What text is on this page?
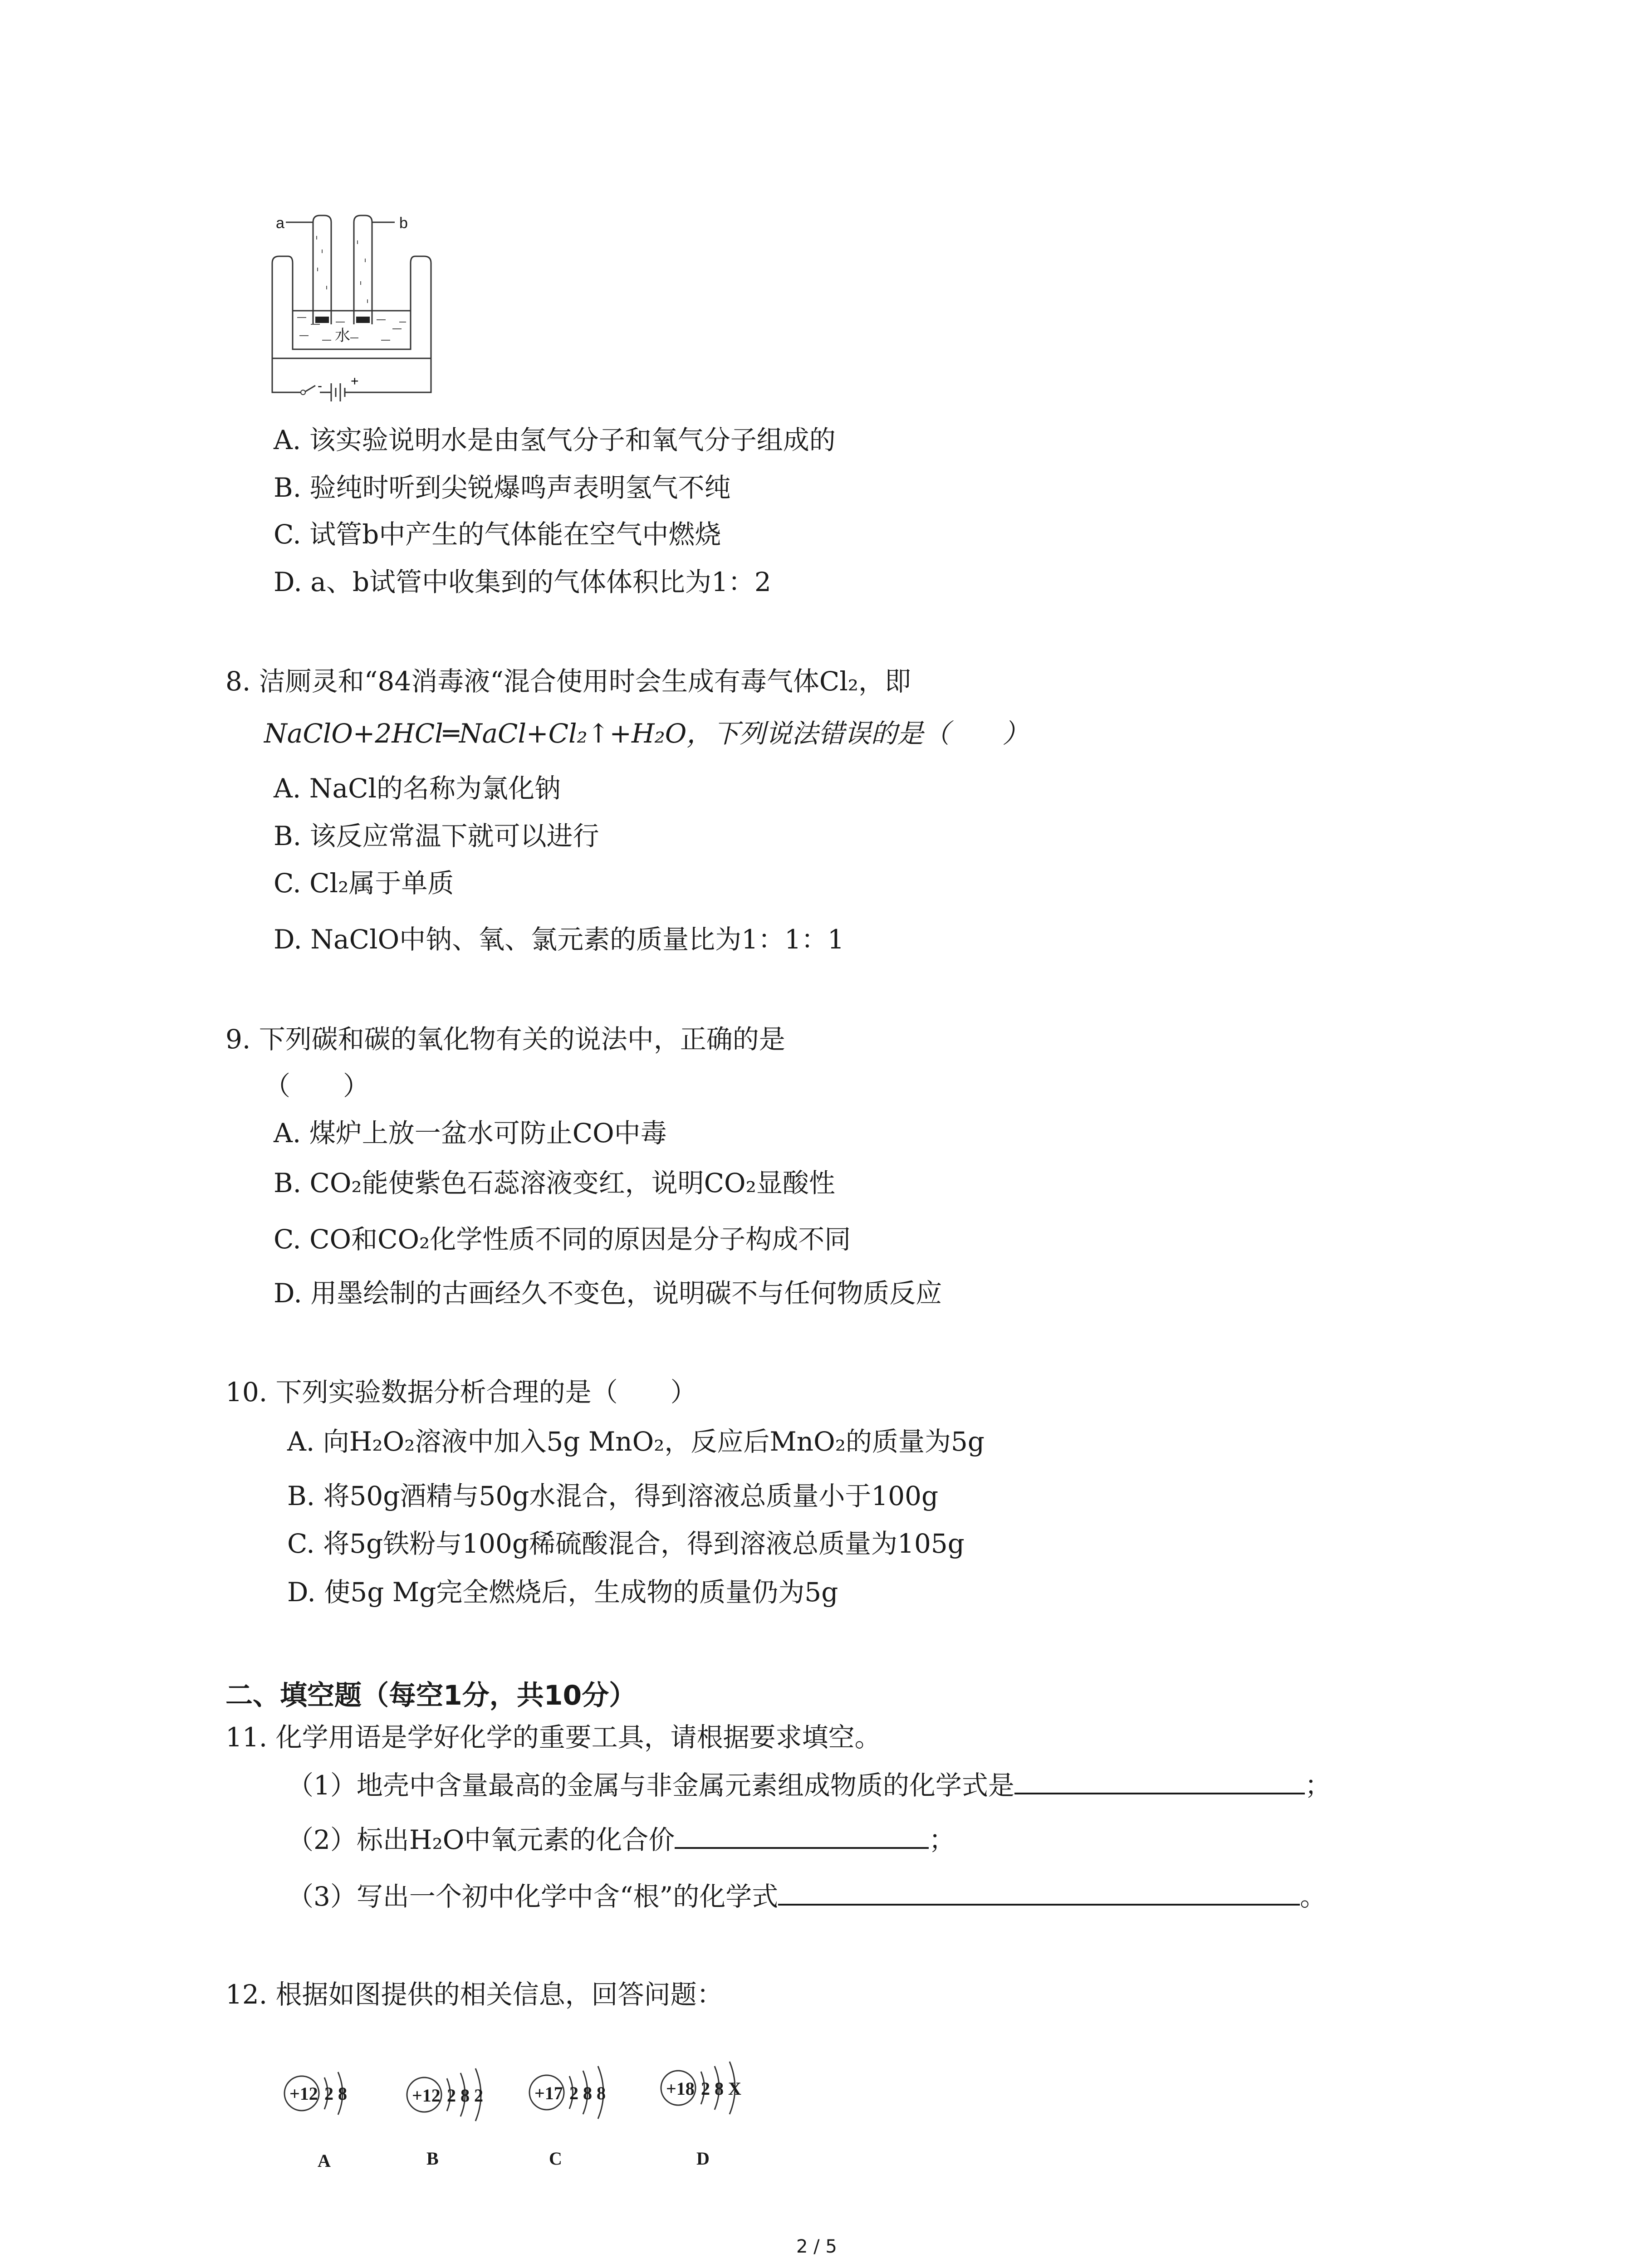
+
-
a	b
水
A. 该实验说明水是由氢气分子和氧气分子组成的
B. 验纯时听到尖锐爆鸣声表明氢气不纯
C. 试管b中产生的气体能在空气中燃烧
D. a、b试管中收集到的气体体积比为1：2
8. 洁厕灵和“84消毒液“混合使用时会生成有毒气体Cl₂，即
NaClO+2HCl═NaCl+Cl₂↑+H₂O，下列说法错误的是（　　）
A. NaCl的名称为氯化钠
B. 该反应常温下就可以进行
C. Cl₂属于单质
D. NaClO中钠、氧、氯元素的质量比为1：1：1
9. 下列碳和碳的氧化物有关的说法中，正确的是
（　　）
A. 煤炉上放一盆水可防止CO中毒
B. CO₂能使紫色石蕊溶液变红，说明CO₂显酸性
C. CO和CO₂化学性质不同的原因是分子构成不同
D. 用墨绘制的古画经久不变色，说明碳不与任何物质反应
10. 下列实验数据分析合理的是（　　）
A. 向H₂O₂溶液中加入5g MnO₂，反应后MnO₂的质量为5g
B. 将50g酒精与50g水混合，得到溶液总质量小于100g
C. 将5g铁粉与100g稀硫酸混合，得到溶液总质量为105g
D. 使5g Mg完全燃烧后，生成物的质量仍为5g
二、填空题（每空1分，共10分）
11. 化学用语是学好化学的重要工具，请根据要求填空。
（1）地壳中含量最高的金属与非金属元素组成物质的化学式是	；
（2）标出H₂O中氧元素的化合价	；
（3）写出一个初中化学中含“根”的化学式	。
12. 根据如图提供的相关信息，回答问题：
+12 2 8
A
+12 2 8 2
B
+17 2 8 8
C
+18 2 8 X
D
2 / 5
